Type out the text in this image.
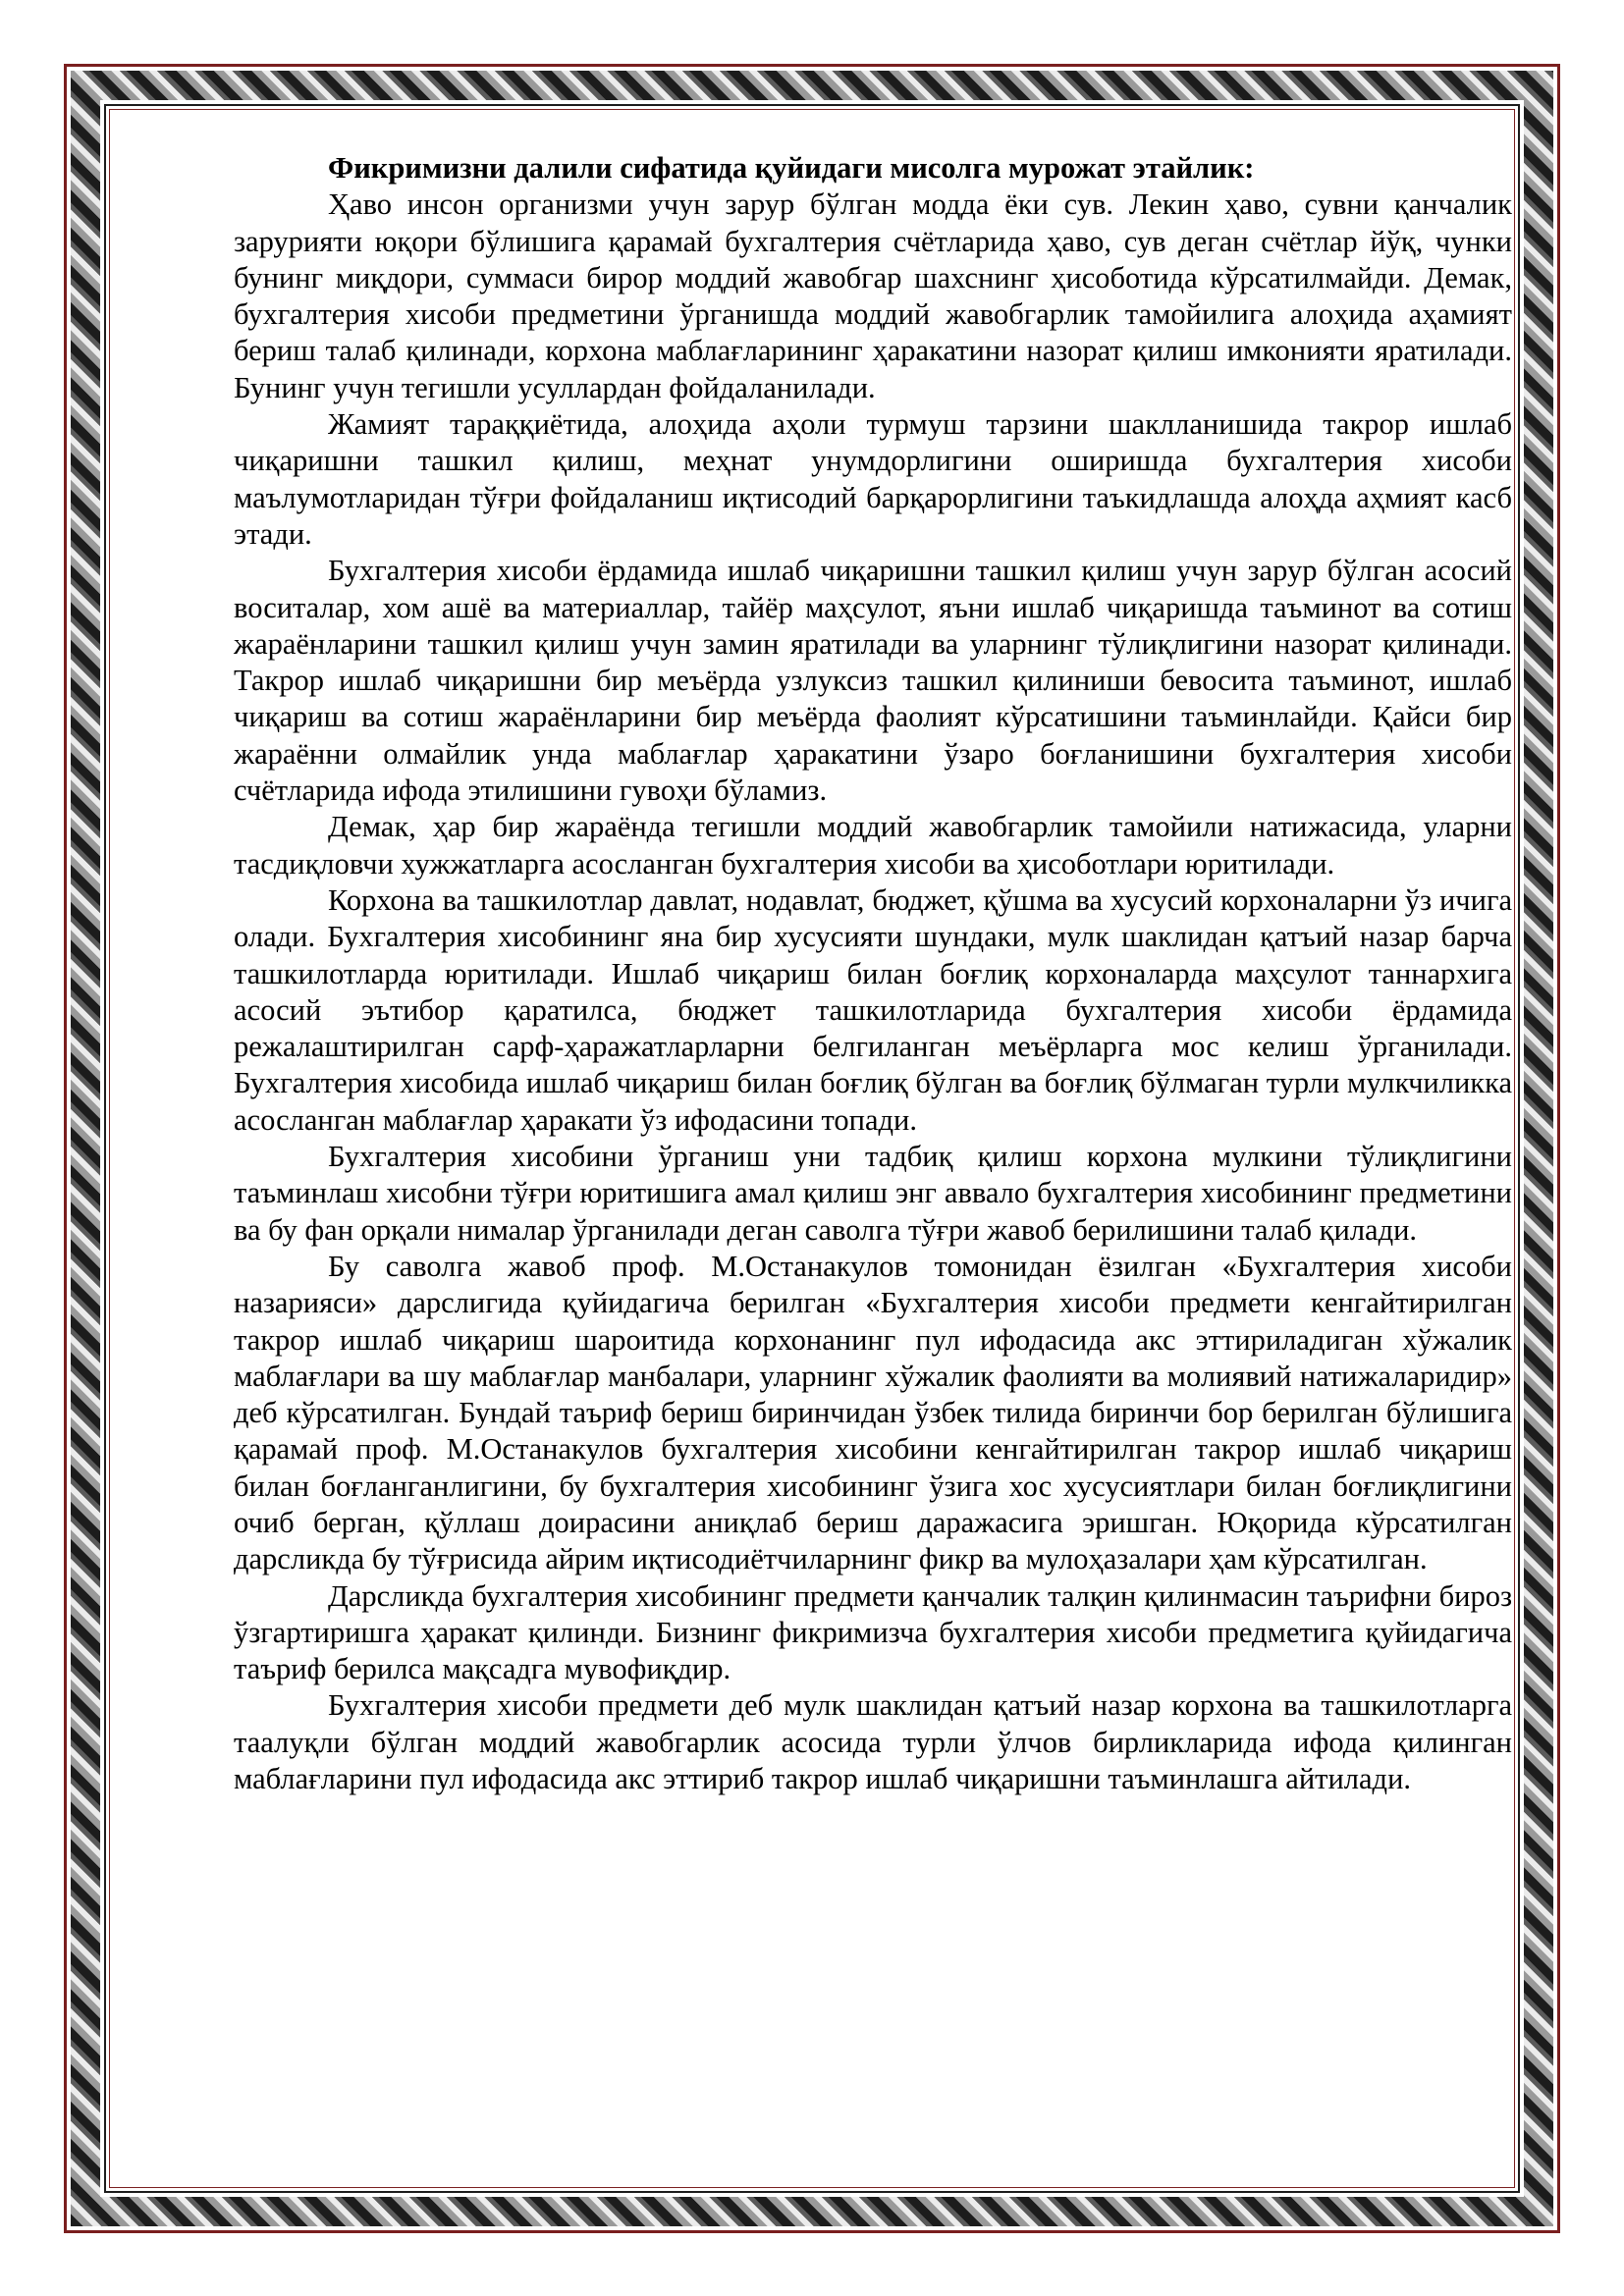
Фикримизни далили сифатида қуйидаги мисолга мурожат этайлик:

Ҳаво инсон организми учун зарур бўлган модда ёки сув. Лекин ҳаво, сувни қанчалик зарурияти юқори бўлишига қарамай бухгалтерия счётларида ҳаво, сув деган счётлар йўқ, чунки бунинг миқдори, суммаси бирор моддий жавобгар шахснинг ҳисоботида кўрсатилмайди. Демак, бухгалтерия хисоби предметини ўрганишда моддий жавобгарлик тамойилига алоҳида аҳамият бериш талаб қилинади, корхона маблағларининг ҳаракатини назорат қилиш имконияти яратилади. Бунинг учун тегишли усуллардан фойдаланилади.

Жамият тараққиётида, алоҳида аҳоли турмуш тарзини шаклланишида такрор ишлаб чиқаришни ташкил қилиш, меҳнат унумдорлигини оширишда бухгалтерия хисоби маълумотларидан тўғри фойдаланиш иқтисодий барқарорлигини таъкидлашда алоҳда аҳмият касб этади.

Бухгалтерия хисоби ёрдамида ишлаб чиқаришни ташкил қилиш учун зарур бўлган асосий воситалар, хом ашё ва материаллар, тайёр маҳсулот, яъни ишлаб чиқаришда таъминот ва сотиш жараёнларини ташкил қилиш учун замин яратилади ва уларнинг тўлиқлигини назорат қилинади. Такрор ишлаб чиқаришни бир меъёрда узлуксиз ташкил қилиниши бевосита таъминот, ишлаб чиқариш ва сотиш жараёнларини бир меъёрда фаолият кўрсатишини таъминлайди. Қайси бир жараённи олмайлик унда маблағлар ҳаракатини ўзаро боғланишини бухгалтерия хисоби счётларида ифода этилишини гувоҳи бўламиз.

Демак, ҳар бир жараёнда тегишли моддий жавобгарлик тамойили натижасида, уларни тасдиқловчи хужжатларга асосланган бухгалтерия хисоби ва ҳисоботлари юритилади.

Корхона ва ташкилотлар давлат, нодавлат, бюджет, қўшма ва хусусий корхоналарни ўз ичига олади. Бухгалтерия хисобининг яна бир хусусияти шундаки, мулк шаклидан қатъий назар барча ташкилотларда юритилади. Ишлаб чиқариш билан боғлиқ корхоналарда маҳсулот таннархига асосий эътибор қаратилса, бюджет ташкилотларида бухгалтерия хисоби ёрдамида режалаштирилган сарф-ҳаражатларларни белгиланган меъёрларга мос келиш ўрганилади. Бухгалтерия хисобида ишлаб чиқариш билан боғлиқ бўлган ва боғлиқ бўлмаган турли мулкчиликка асосланган маблағлар ҳаракати ўз ифодасини топади.

Бухгалтерия хисобини ўрганиш уни тадбиқ қилиш корхона мулкини тўлиқлигини таъминлаш хисобни тўғри юритишига амал қилиш энг аввало бухгалтерия хисобининг предметини ва бу фан орқали нималар ўрганилади деган саволга тўғри жавоб берилишини талаб қилади.

Бу саволга жавоб проф. М.Останакулов томонидан ёзилган «Бухгалтерия хисоби назарияси» дарслигида қуйидагича берилган «Бухгалтерия хисоби предмети кенгайтирилган такрор ишлаб чиқариш шароитида корхонанинг пул ифодасида акс эттириладиган хўжалик маблағлари ва шу маблағлар манбалари, уларнинг хўжалик фаолияти ва молиявий натижаларидир» деб кўрсатилган. Бундай таъриф бериш биринчидан ўзбек тилида биринчи бор берилган бўлишига қарамай проф. М.Останакулов бухгалтерия хисобини кенгайтирилган такрор ишлаб чиқариш билан боғланганлигини, бу бухгалтерия хисобининг ўзига хос хусусиятлари билан боғлиқлигини очиб берган, қўллаш доирасини аниқлаб бериш даражасига эришган. Юқорида кўрсатилган дарсликда бу тўғрисида айрим иқтисодиётчиларнинг фикр ва мулоҳазалари ҳам кўрсатилган.

Дарсликда бухгалтерия хисобининг предмети қанчалик талқин қилинмасин таърифни бироз ўзгартиришга ҳаракат қилинди. Бизнинг фикримизча бухгалтерия хисоби предметига қуйидагича таъриф берилса мақсадга мувофиқдир.

Бухгалтерия хисоби предмети деб мулк шаклидан қатъий назар корхона ва ташкилотларга таалуқли бўлган моддий жавобгарлик асосида турли ўлчов бирликларида ифода қилинган маблағларини пул ифодасида акс эттириб такрор ишлаб чиқаришни таъминлашга айтилади.
